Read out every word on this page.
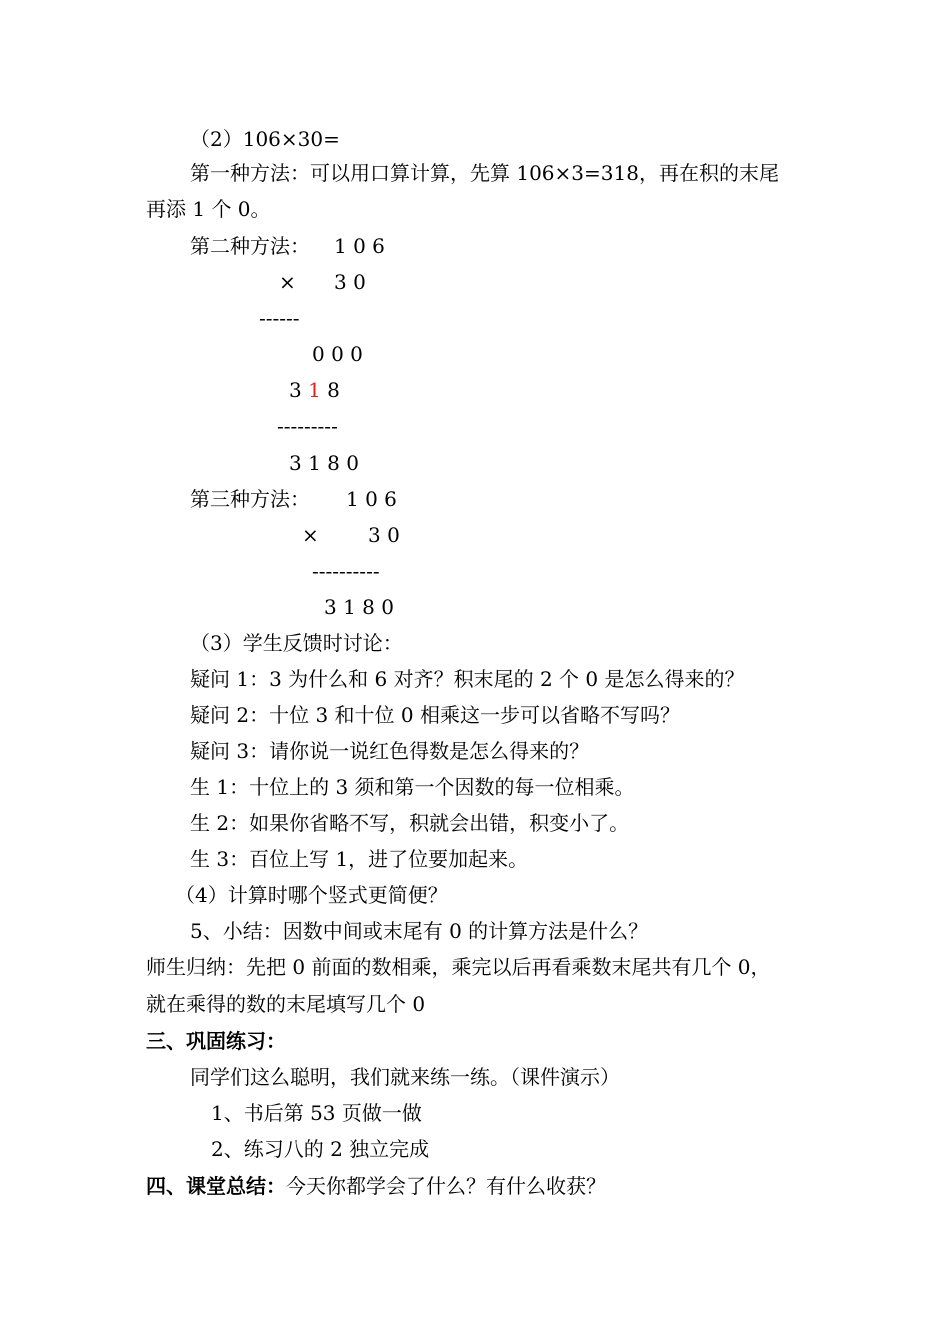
（2）106×30=
第一种方法：可以用口算计算，先算 106×3=318，再在积的末尾
再添 1 个 0。
第二种方法： 1 0 6
× 3 0
------
0 0 0
3 1 8
---------
3 1 8 0
第三种方法： 1 0 6
× 3 0
----------
3 1 8 0
（3）学生反馈时讨论：
疑问 1：3 为什么和 6 对齐？积末尾的 2 个 0 是怎么得来的？
疑问 2：十位 3 和十位 0 相乘这一步可以省略不写吗？
疑问 3：请你说一说红色得数是怎么得来的？
生 1：十位上的 3 须和第一个因数的每一位相乘。
生 2：如果你省略不写，积就会出错，积变小了。
生 3：百位上写 1，进了位要加起来。
（4）计算时哪个竖式更简便？
5、小结：因数中间或末尾有 0 的计算方法是什么？
师生归纳：先把 0 前面的数相乘，乘完以后再看乘数末尾共有几个 0，
就在乘得的数的末尾填写几个 0
三、巩固练习：
同学们这么聪明，我们就来练一练。（课件演示）
1、书后第 53 页做一做
2、练习八的 2 独立完成
四、课堂总结：今天你都学会了什么？有什么收获？
